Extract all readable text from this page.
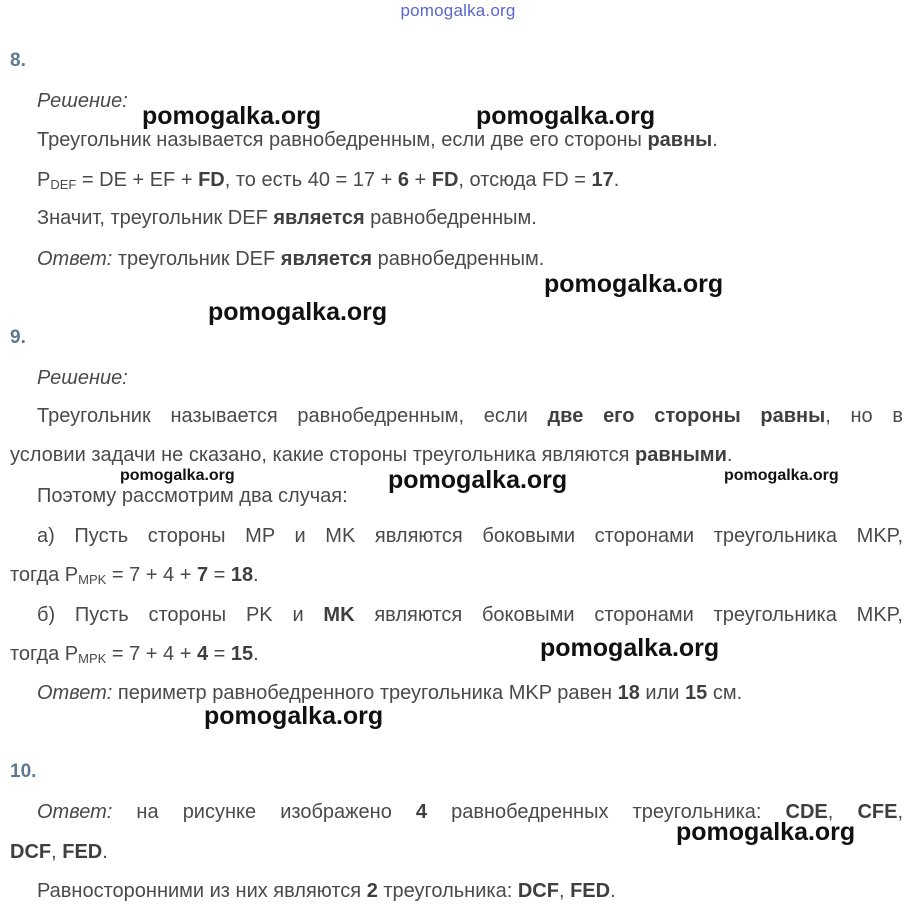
pomogalka.org
8.
Решение:
Треугольник называется равнобедренным, если две его стороны равны.
$P_{DEF}$ = DE + EF + FD, то есть 40 = 17 + 6 + FD, отсюда FD = 17.
Значит, треугольник DEF является равнобедренным.
Ответ: треугольник DEF является равнобедренным.
9.
Решение:
Треугольник называется равнобедренным, если две его стороны равны, но в
условии задачи не сказано, какие стороны треугольника являются равными.
Поэтому рассмотрим два случая:
а) Пусть стороны MP и MK являются боковыми сторонами треугольника MKP,
тогда $P_{MPK} = 7 + 4 + 7 = 18$.
б) Пусть стороны PK и MK являются боковыми сторонами треугольника MKP,
тогда $P_{MPK} = 7 + 4 + 4 = 15$.
Ответ: периметр равнобедренного треугольника MKP равен 18 или 15 см.
10.
Ответ: на рисунке изображено 4 равнобедренных треугольника: CDE, CFE,
DCF, FED.
Равносторонними из них являются 2 треугольника: DCF, FED.
pomogalka.org	pomogalka.org
pomogalka.org
pomogalka.org
pomogalka.org	pomogalka.org	pomogalka.org
pomogalka.org
pomogalka.org
pomogalka.org
